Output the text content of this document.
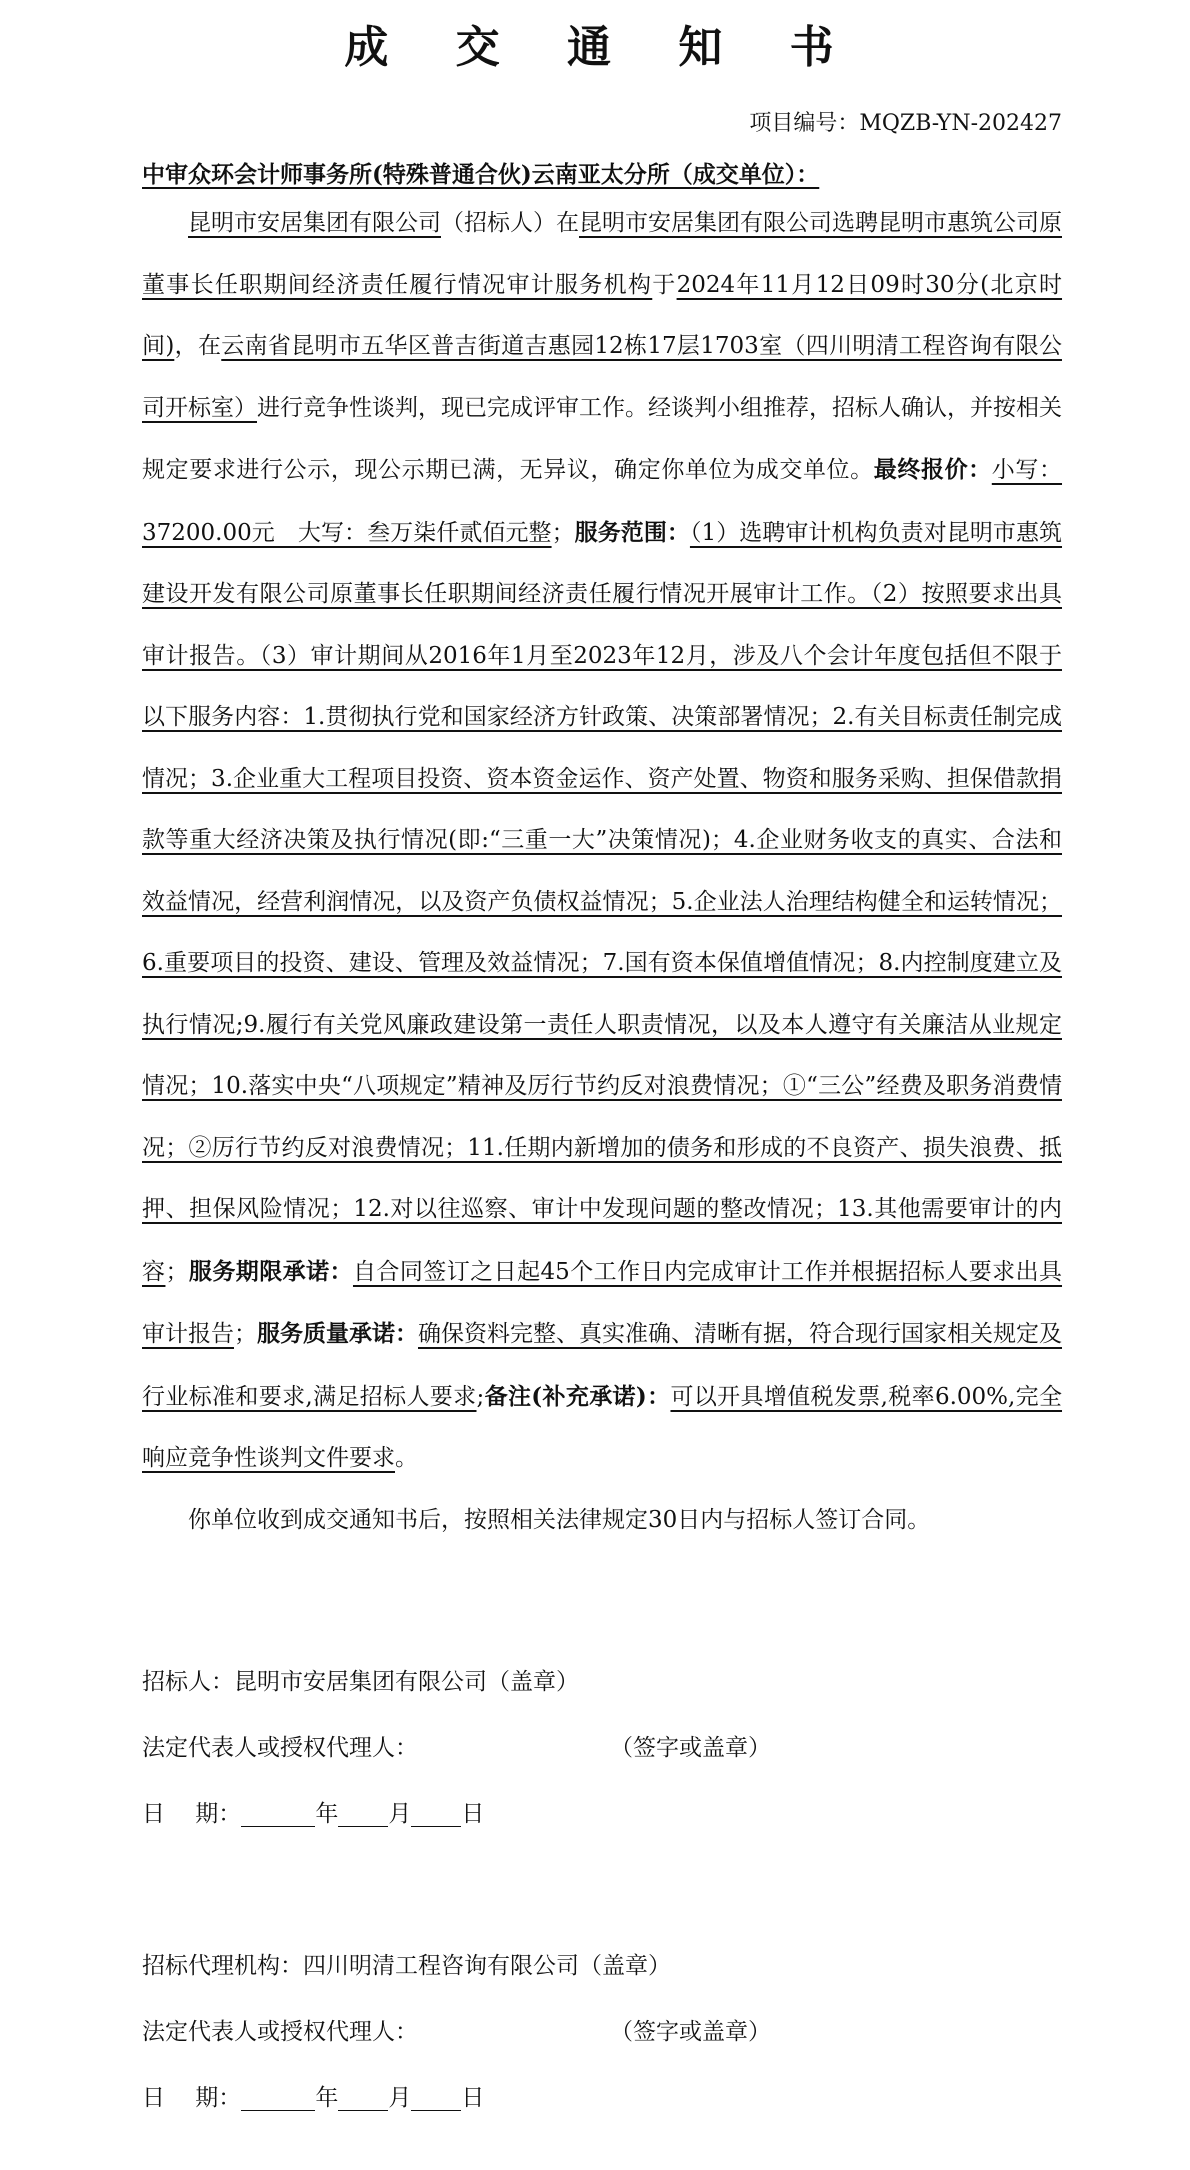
成 交 通 知 书
项目编号：MQZB-YN-202427
中审众环会计师事务所(特殊普通合伙)云南亚太分所（成交单位）：
昆明市安居集团有限公司（招标人）在昆明市安居集团有限公司选聘昆明市惠筑公司原董事长任职期间经济责任履行情况审计服务机构于2024年11月12日09时30分(北京时间)，在云南省昆明市五华区普吉街道吉惠园12栋17层1703室（四川明清工程咨询有限公司开标室）进行竞争性谈判，现已完成评审工作。经谈判小组推荐，招标人确认，并按相关规定要求进行公示，现公示期已满，无异议，确定你单位为成交单位。最终报价：小写：37200.00元　大写：叁万柒仟贰佰元整；服务范围：（1）选聘审计机构负责对昆明市惠筑建设开发有限公司原董事长任职期间经济责任履行情况开展审计工作。（2）按照要求出具审计报告。（3）审计期间从2016年1月至2023年12月，涉及八个会计年度包括但不限于以下服务内容：1.贯彻执行党和国家经济方针政策、决策部署情况；2.有关目标责任制完成情况；3.企业重大工程项目投资、资本资金运作、资产处置、物资和服务采购、担保借款捐款等重大经济决策及执行情况(即:“三重一大”决策情况)；4.企业财务收支的真实、合法和效益情况，经营利润情况，以及资产负债权益情况；5.企业法人治理结构健全和运转情况；6.重要项目的投资、建设、管理及效益情况；7.国有资本保值增值情况；8.内控制度建立及执行情况;9.履行有关党风廉政建设第一责任人职责情况，以及本人遵守有关廉洁从业规定情况；10.落实中央“八项规定”精神及厉行节约反对浪费情况；①“三公”经费及职务消费情况；②厉行节约反对浪费情况；11.任期内新增加的债务和形成的不良资产、损失浪费、抵押、担保风险情况；12.对以往巡察、审计中发现问题的整改情况；13.其他需要审计的内容；服务期限承诺：自合同签订之日起45个工作日内完成审计工作并根据招标人要求出具审计报告；服务质量承诺：确保资料完整、真实准确、清晰有据，符合现行国家相关规定及行业标准和要求,满足招标人要求;备注(补充承诺)：可以开具增值税发票,税率6.00%,完全响应竞争性谈判文件要求。
你单位收到成交通知书后，按照相关法律规定30日内与招标人签订合同。
招标人：昆明市安居集团有限公司（盖章）
法定代表人或授权代理人：	（签字或盖章）
日　 期：	年 月 日
招标代理机构：四川明清工程咨询有限公司（盖章）
法定代表人或授权代理人：	（签字或盖章）
日　 期：	年 月 日
